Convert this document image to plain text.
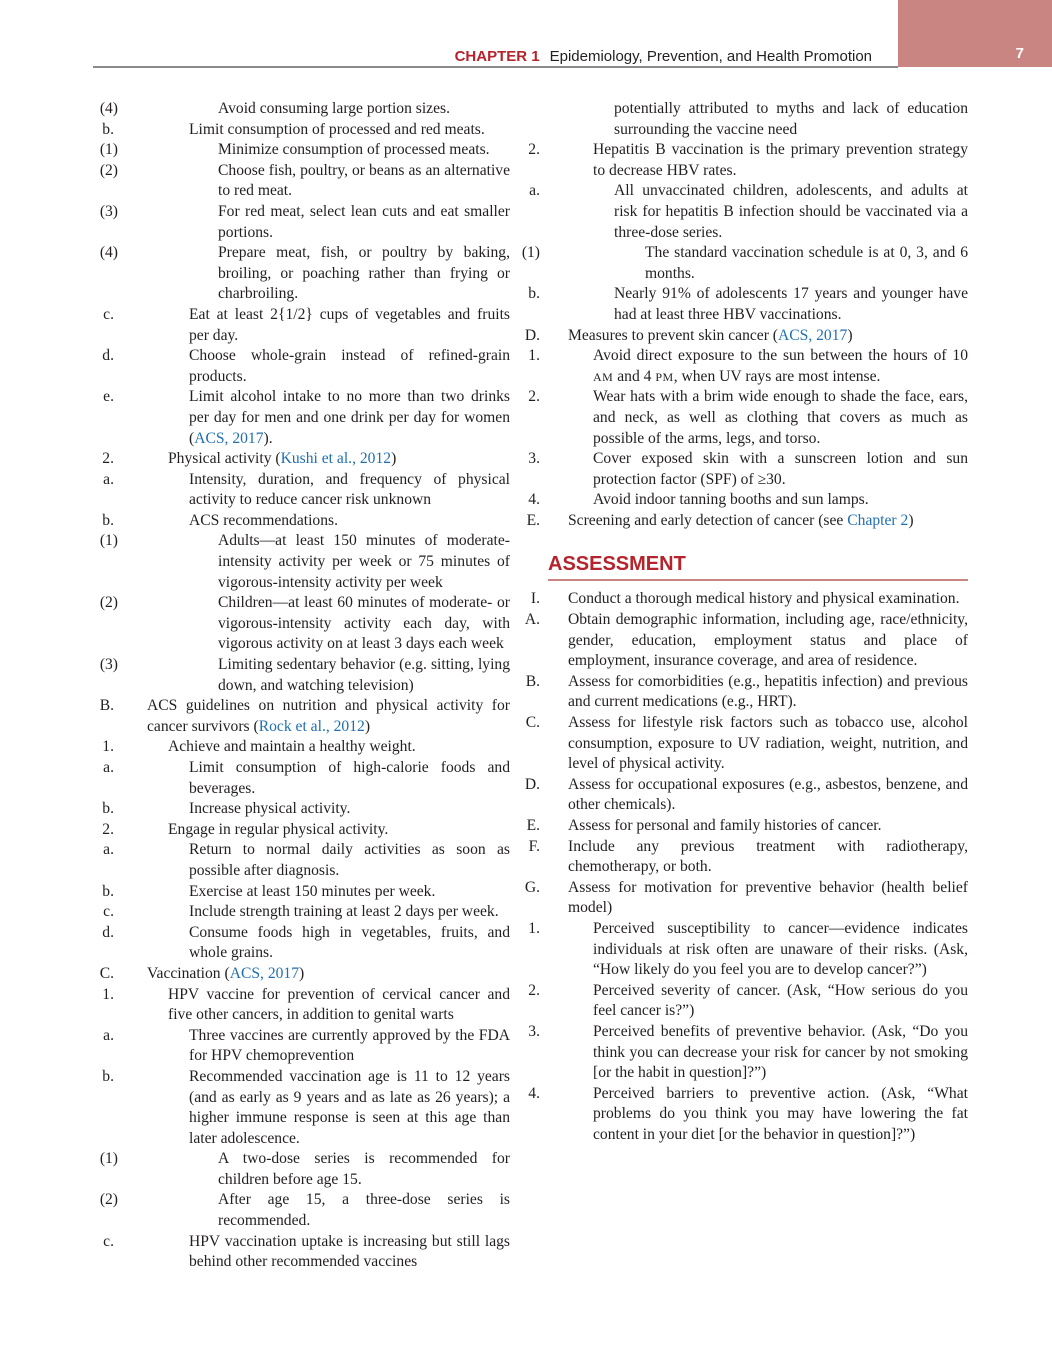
7
CHAPTER 1 Epidemiology, Prevention, and Health Promotion
(4)	Avoid consuming large portion sizes.
b.	Limit consumption of processed and red meats.
(1)	Minimize consumption of processed meats.
(2)	Choose fish, poultry, or beans as an alternative to red meat.
(3)	For red meat, select lean cuts and eat smaller portions.
(4)	Prepare meat, fish, or poultry by baking, broiling, or poaching rather than frying or charbroiling.
c.	Eat at least 2{1/2} cups of vegetables and fruits per day.
d.	Choose whole-grain instead of refined-grain products.
e.	Limit alcohol intake to no more than two drinks per day for men and one drink per day for women (ACS, 2017).
2.	Physical activity (Kushi et al., 2012)
a.	Intensity, duration, and frequency of physical activity to reduce cancer risk unknown
b.	ACS recommendations.
(1)	Adults—at least 150 minutes of moderate-intensity activity per week or 75 minutes of vigorous-intensity activity per week
(2)	Children—at least 60 minutes of moderate- or vigorous-intensity activity each day, with vigorous activity on at least 3 days each week
(3)	Limiting sedentary behavior (e.g. sitting, lying down, and watching television)
B. ACS guidelines on nutrition and physical activity for cancer survivors (Rock et al., 2012)
1.	Achieve and maintain a healthy weight.
a.	Limit consumption of high-calorie foods and beverages.
b.	Increase physical activity.
2.	Engage in regular physical activity.
a.	Return to normal daily activities as soon as possible after diagnosis.
b.	Exercise at least 150 minutes per week.
c.	Include strength training at least 2 days per week.
d.	Consume foods high in vegetables, fruits, and whole grains.
C. Vaccination (ACS, 2017)
1.	HPV vaccine for prevention of cervical cancer and five other cancers, in addition to genital warts
a.	Three vaccines are currently approved by the FDA for HPV chemoprevention
b.	Recommended vaccination age is 11 to 12 years (and as early as 9 years and as late as 26 years); a higher immune response is seen at this age than later adolescence.
(1)	A two-dose series is recommended for children before age 15.
(2)	After age 15, a three-dose series is recommended.
c.	HPV vaccination uptake is increasing but still lags behind other recommended vaccines
potentially attributed to myths and lack of education surrounding the vaccine need
2.	Hepatitis B vaccination is the primary prevention strategy to decrease HBV rates.
a.	All unvaccinated children, adolescents, and adults at risk for hepatitis B infection should be vaccinated via a three-dose series.
(1)	The standard vaccination schedule is at 0, 3, and 6 months.
b.	Nearly 91% of adolescents 17 years and younger have had at least three HBV vaccinations.
D. Measures to prevent skin cancer (ACS, 2017)
1.	Avoid direct exposure to the sun between the hours of 10 AM and 4 PM, when UV rays are most intense.
2.	Wear hats with a brim wide enough to shade the face, ears, and neck, as well as clothing that covers as much as possible of the arms, legs, and torso.
3.	Cover exposed skin with a sunscreen lotion and sun protection factor (SPF) of ≥30.
4.	Avoid indoor tanning booths and sun lamps.
E. Screening and early detection of cancer (see Chapter 2)
ASSESSMENT
I. Conduct a thorough medical history and physical examination.
A. Obtain demographic information, including age, race/ethnicity, gender, education, employment status and place of employment, insurance coverage, and area of residence.
B. Assess for comorbidities (e.g., hepatitis infection) and previous and current medications (e.g., HRT).
C. Assess for lifestyle risk factors such as tobacco use, alcohol consumption, exposure to UV radiation, weight, nutrition, and level of physical activity.
D. Assess for occupational exposures (e.g., asbestos, benzene, and other chemicals).
E. Assess for personal and family histories of cancer.
F. Include any previous treatment with radiotherapy, chemotherapy, or both.
G. Assess for motivation for preventive behavior (health belief model)
1.	Perceived susceptibility to cancer—evidence indicates individuals at risk often are unaware of their risks. (Ask, “How likely do you feel you are to develop cancer?”)
2.	Perceived severity of cancer. (Ask, “How serious do you feel cancer is?”)
3.	Perceived benefits of preventive behavior. (Ask, “Do you think you can decrease your risk for cancer by not smoking [or the habit in question]?”)
4.	Perceived barriers to preventive action. (Ask, “What problems do you think you may have lowering the fat content in your diet [or the behavior in question]?”)
